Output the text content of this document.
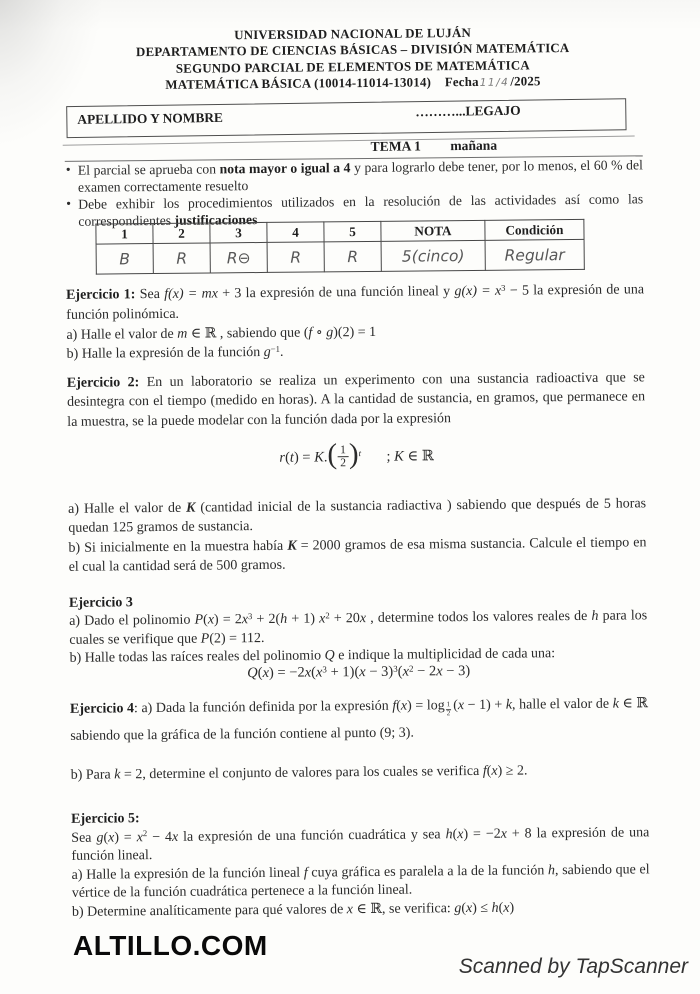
UNIVERSIDAD NACIONAL DE LUJÁN
DEPARTAMENTO DE CIENCIAS BÁSICAS – DIVISIÓN MATEMÁTICA
SEGUNDO PARCIAL DE ELEMENTOS DE MATEMÁTICA
MATEMÁTICA BÁSICA (10014-11014-13014) Fecha11/4/2025
APELLIDO Y NOMBRE	………...LEGAJO
TEMA 1 mañana
• El parcial se aprueba con nota mayor o igual a 4 y para lograrlo debe tener, por lo menos, el 60 % del examen correctamente resuelto
• Debe exhibir los procedimientos utilizados en la resolución de las actividades así como las correspondientes justificaciones
1	2	3	4	5	NOTA	Condición
B	R	R⊖	R	R	5(cinco)	Regular
Ejercicio 1: Sea f(x) = mx + 3 la expresión de una función lineal y $g(x) = x^3 - 5$ la expresión de una función polinómica.
a) Halle el valor de m ∈ ℝ , sabiendo que (f ∘ g)(2) = 1
b) Halle la expresión de la función $g^{-1}$.
Ejercicio 2: En un laboratorio se realiza un experimento con una sustancia radioactiva que se desintegra con el tiempo (medido en horas). A la cantidad de sustancia, en gramos, que permanece en la muestra, se la puede modelar con la función dada por la expresión
$r(t) = K.( \frac{1}{2} )^t$       ; K ∈ ℝ
a) Halle el valor de K (cantidad inicial de la sustancia radiactiva ) sabiendo que después de 5 horas quedan 125 gramos de sustancia.
b) Si inicialmente en la muestra había K = 2000 gramos de esa misma sustancia. Calcule el tiempo en el cual la cantidad será de 500 gramos.
Ejercicio 3
a) Dado el polinomio $P(x) = 2x^3 + 2(h + 1) x^2 + 20x$ , determine todos los valores reales de h para los cuales se verifique que P(2) = 112.
b) Halle todas las raíces reales del polinomio Q e indique la multiplicidad de cada una:
$Q(x) = -2x(x^3 + 1)(x - 3)^3(x^2 - 2x - 3)$
Ejercicio 4: a) Dada la función definida por la expresión $f(x) = \log \frac{1}{2} (x - 1) + k$, halle el valor de k ∈ ℝ sabiendo que la gráfica de la función contiene al punto (9; 3).
b) Para k = 2, determine el conjunto de valores para los cuales se verifica f(x) ≥ 2.
Ejercicio 5:
Sea $g(x) = x^2 - 4x$ la expresión de una función cuadrática y sea h(x) = −2x + 8 la expresión de una función lineal.
a) Halle la expresión de la función lineal f cuya gráfica es paralela a la de la función h, sabiendo que el vértice de la función cuadrática pertenece a la función lineal.
b) Determine analíticamente para qué valores de x ∈ ℝ, se verifica: g(x) ≤ h(x)
ALTILLO.COM
Scanned by TapScanner
